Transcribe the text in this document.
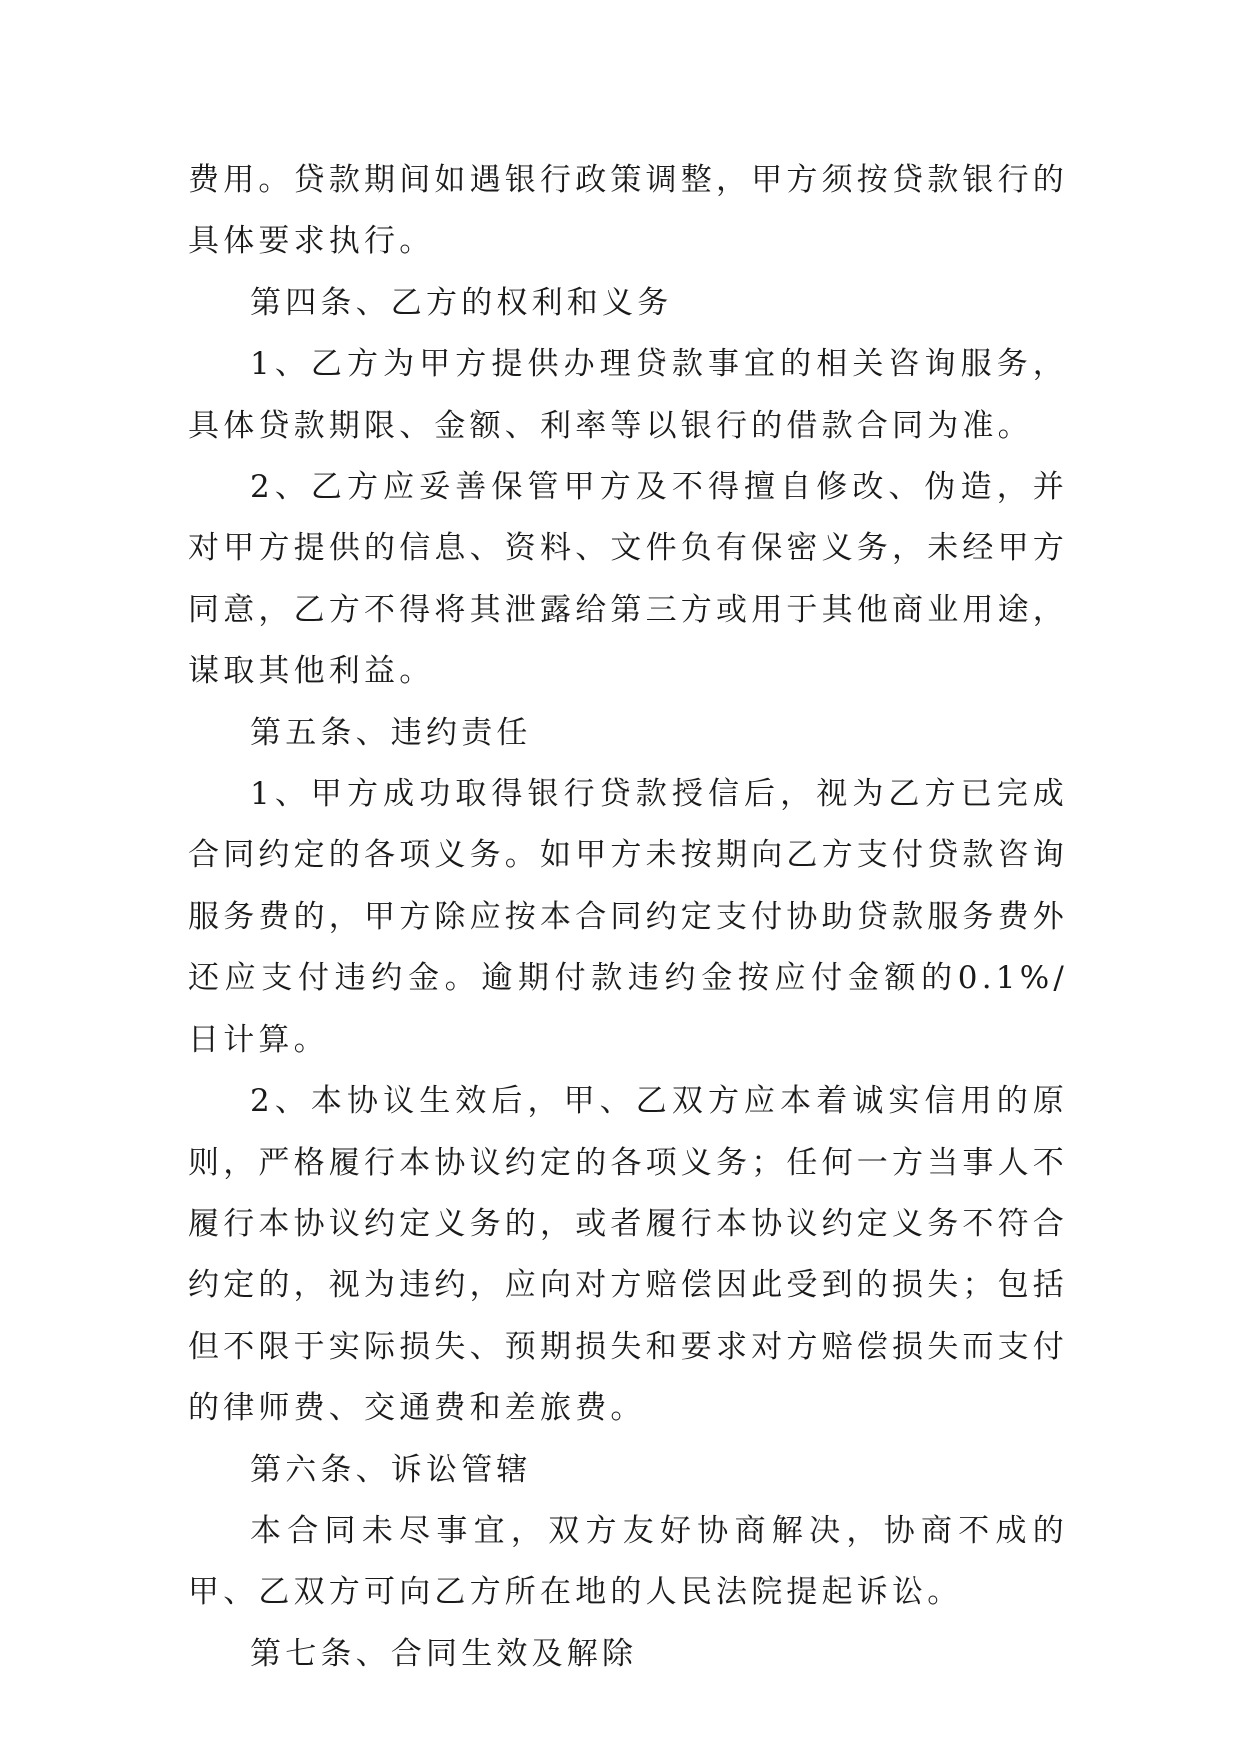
费用。贷款期间如遇银行政策调整，甲方须按贷款银行的具体要求执行。

第四条、乙方的权利和义务

1、乙方为甲方提供办理贷款事宜的相关咨询服务，具体贷款期限、金额、利率等以银行的借款合同为准。

2、乙方应妥善保管甲方及不得擅自修改、伪造，并对甲方提供的信息、资料、文件负有保密义务，未经甲方同意，乙方不得将其泄露给第三方或用于其他商业用途，谋取其他利益。

第五条、违约责任

1、甲方成功取得银行贷款授信后，视为乙方已完成合同约定的各项义务。如甲方未按期向乙方支付贷款咨询服务费的，甲方除应按本合同约定支付协助贷款服务费外还应支付违约金。逾期付款违约金按应付金额的0.1%/日计算。

2、本协议生效后，甲、乙双方应本着诚实信用的原则，严格履行本协议约定的各项义务；任何一方当事人不履行本协议约定义务的，或者履行本协议约定义务不符合约定的，视为违约，应向对方赔偿因此受到的损失；包括但不限于实际损失、预期损失和要求对方赔偿损失而支付的律师费、交通费和差旅费。

第六条、诉讼管辖

本合同未尽事宜，双方友好协商解决，协商不成的甲、乙双方可向乙方所在地的人民法院提起诉讼。

第七条、合同生效及解除
